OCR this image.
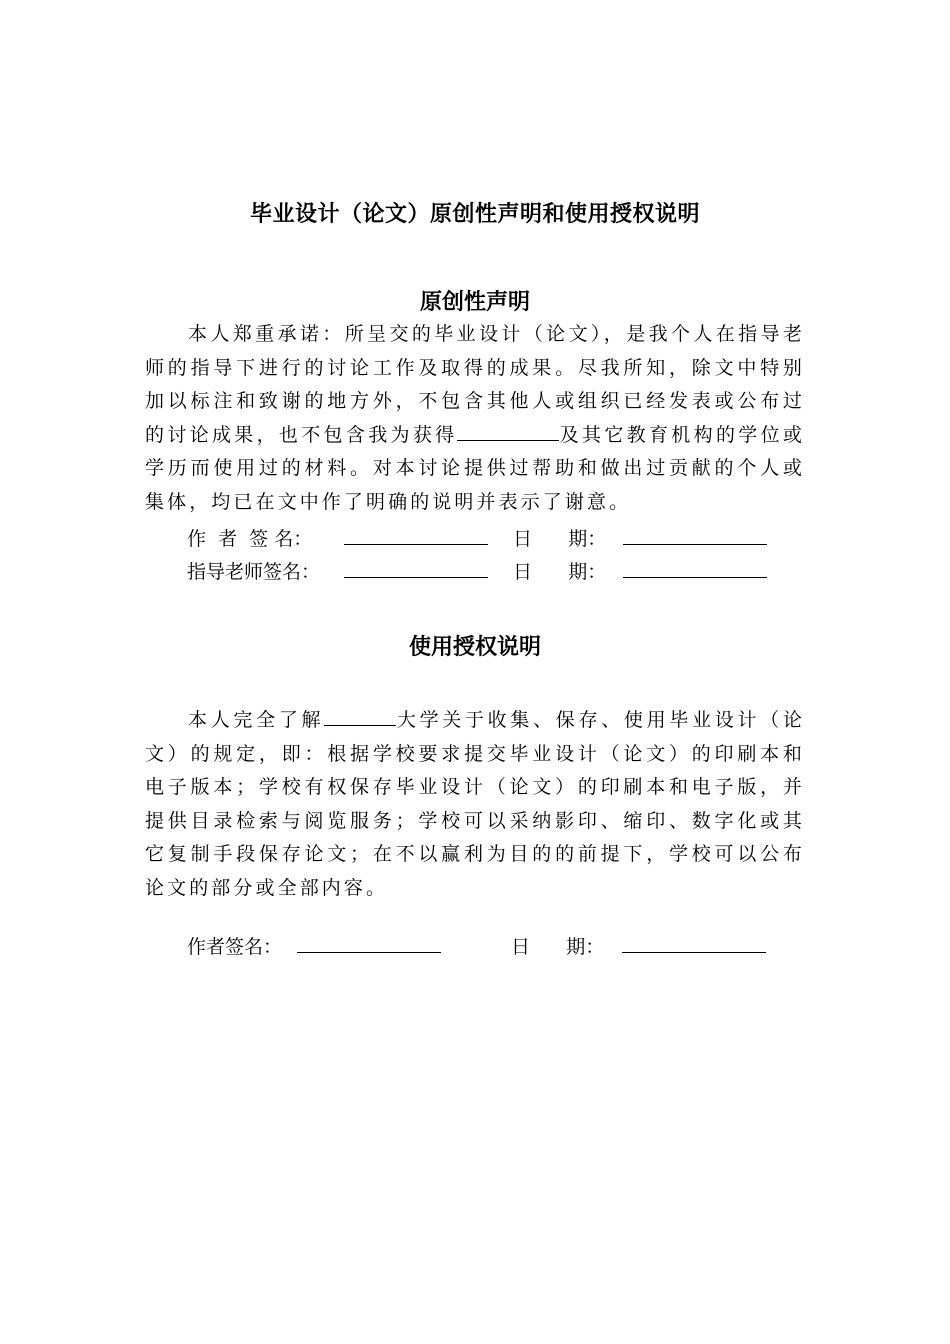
毕业设计（论文）原创性声明和使用授权说明
原创性声明

本人郑重承诺：所呈交的毕业设计（论文），是我个人在指导老师的指导下进行的讨论工作及取得的成果。尽我所知，除文中特别加以标注和致谢的地方外，不包含其他人或组织已经发表或公布过的讨论成果，也不包含我为获得	及其它教育机构的学位或学历而使用过的材料。对本讨论提供过帮助和做出过贡献的个人或集体，均已在文中作了明确的说明并表示了谢意。

作  者  签 名：	日      期：
指导老师签名：	日      期：
使用授权说明

本人完全了解	大学关于收集、保存、使用毕业设计（论文）的规定，即：根据学校要求提交毕业设计（论文）的印刷本和电子版本；学校有权保存毕业设计（论文）的印刷本和电子版，并提供目录检索与阅览服务；学校可以采纳影印、缩印、数字化或其它复制手段保存论文；在不以赢利为目的的前提下，学校可以公布论文的部分或全部内容。

作者签名：	日      期：
